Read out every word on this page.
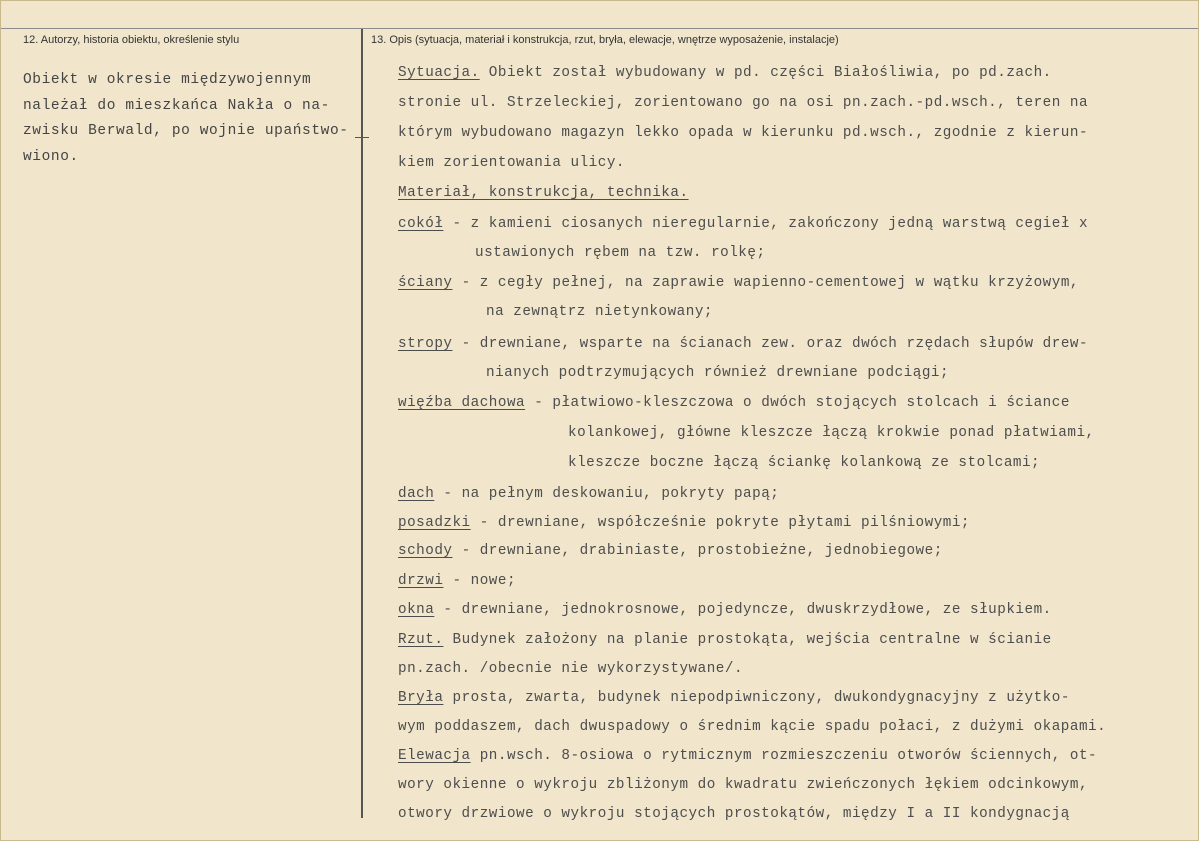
12. Autorzy, historia obiektu, określenie stylu	13. Opis (sytuacja, materiał i konstrukcja, rzut, bryła, elewacje, wnętrze wyposażenie, instalacje)
Obiekt w okresie międzywojennym
należał do mieszkańca Nakła o na-
zwisku Berwald, po wojnie upaństwo-
wiono.
Sytuacja. Obiekt został wybudowany w pd. części Białośliwia, po pd.zach.
stronie ul. Strzeleckiej, zorientowano go na osi pn.zach.-pd.wsch., teren na
którym wybudowano magazyn lekko opada w kierunku pd.wsch., zgodnie z kierun-
kiem zorientowania ulicy.
Materiał, konstrukcja, technika.
cokół - z kamieni ciosanych nieregularnie, zakończony jedną warstwą cegieł x
ustawionych rębem na tzw. rolkę;
ściany - z cegły pełnej, na zaprawie wapienno-cementowej w wątku krzyżowym,
na zewnątrz nietynkowany;
stropy - drewniane, wsparte na ścianach zew. oraz dwóch rzędach słupów drew-
nianych podtrzymujących również drewniane podciągi;
więźba dachowa - płatwiowo-kleszczowa o dwóch stojących stolcach i ściance
kolankowej, główne kleszcze łączą krokwie ponad płatwiami,
kleszcze boczne łączą ściankę kolankową ze stolcami;
dach - na pełnym deskowaniu, pokryty papą;
posadzki - drewniane, współcześnie pokryte płytami pilśniowymi;
schody - drewniane, drabiniaste, prostobieżne, jednobiegowe;
drzwi - nowe;
okna - drewniane, jednokrosnowe, pojedyncze, dwuskrzydłowe, ze słupkiem.
Rzut. Budynek założony na planie prostokąta, wejścia centralne w ścianie
pn.zach. /obecnie nie wykorzystywane/.
Bryła prosta, zwarta, budynek niepodpiwniczony, dwukondygnacyjny z użytko-
wym poddaszem, dach dwuspadowy o średnim kącie spadu połaci, z dużymi okapami.
Elewacja pn.wsch. 8-osiowa o rytmicznym rozmieszczeniu otworów ściennych, ot-
wory okienne o wykroju zbliżonym do kwadratu zwieńczonych łękiem odcinkowym,
otwory drzwiowe o wykroju stojących prostokątów, między I a II kondygnacją
